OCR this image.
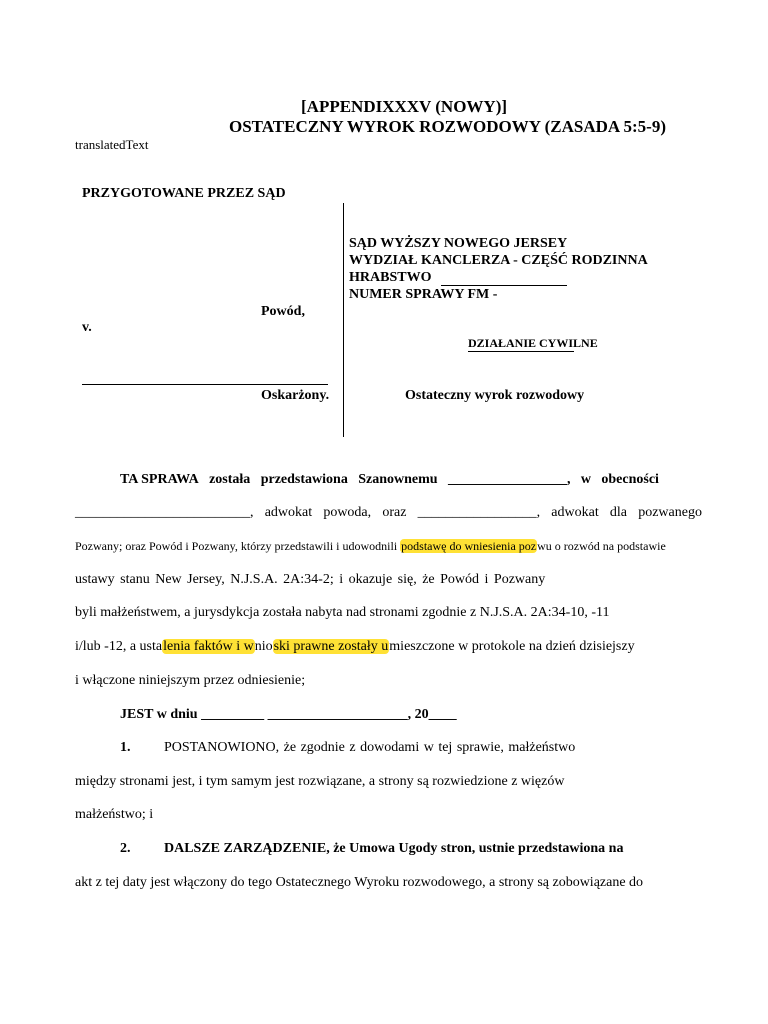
[APPENDIXXXV (NOWY)]
OSTATECZNY WYROK ROZWODOWY (ZASADA 5:5-9)
translatedText
PRZYGOTOWANE PRZEZ SĄD
Powód,
v.
Oskarżony.
SĄD WYŻSZY NOWEGO JERSEY
WYDZIAŁ KANCLERZA - CZĘŚĆ RODZINNA
HRABSTWO
NUMER SPRAWY FM -
DZIAŁANIE CYWILNE
Ostateczny wyrok rozwodowy
TA SPRAWA została przedstawiona Szanownemu _________________, w obecności
_________________________, adwokat powoda, oraz _________________, adwokat dla pozwanego
Pozwany; oraz Powód i Pozwany, którzy przedstawili i udowodnili podstawę do wniesienia pozwu o rozwód na podstawie
ustawy stanu New Jersey, N.J.S.A. 2A:34-2; i okazuje się, że Powód i Pozwany
byli małżeństwem, a jurysdykcja została nabyta nad stronami zgodnie z N.J.S.A. 2A:34-10, -11
i/lub -12, a ustalenia faktów i wnioski prawne zostały umieszczone w protokole na dzień dzisiejszy
i włączone niniejszym przez odniesienie;
JEST w dniu _________ ____________________, 20____
1. POSTANOWIONO, że zgodnie z dowodami w tej sprawie, małżeństwo
między stronami jest, i tym samym jest rozwiązane, a strony są rozwiedzione z więzów
małżeństwo; i
2. DALSZE ZARZĄDZENIE, że Umowa Ugody stron, ustnie przedstawiona na
akt z tej daty jest włączony do tego Ostatecznego Wyroku rozwodowego, a strony są zobowiązane do
